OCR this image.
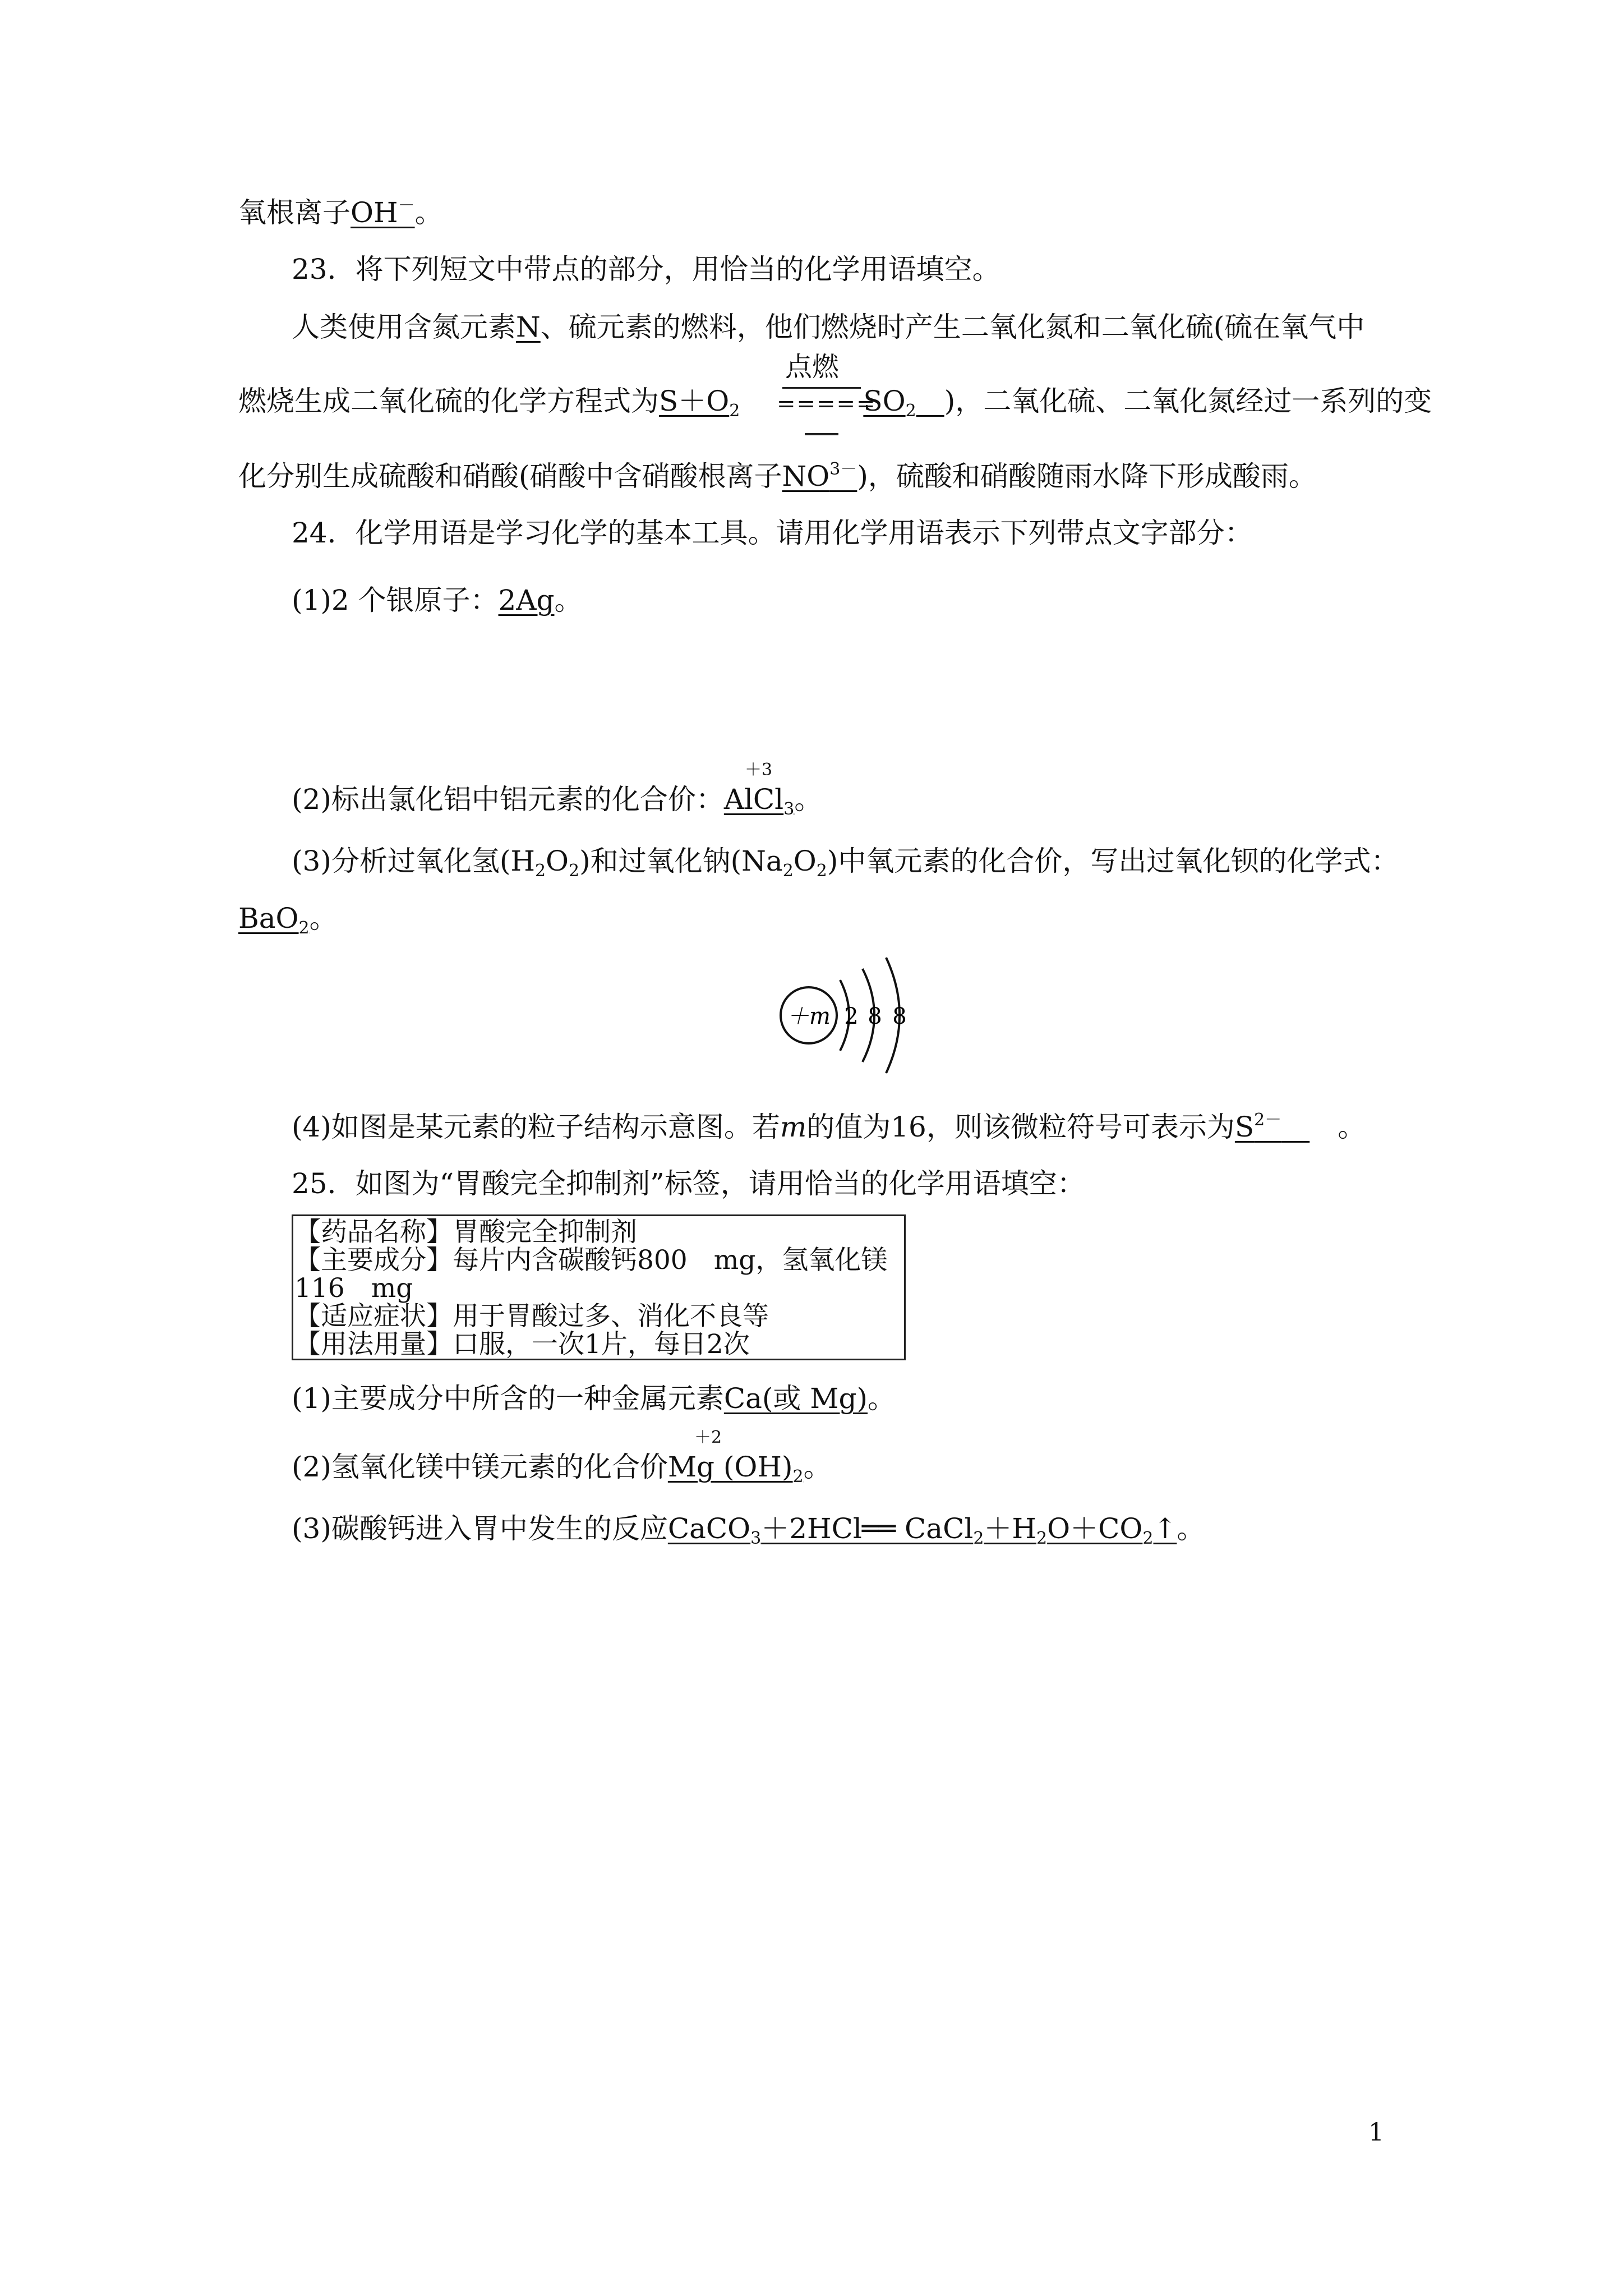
氧根离子OH－。
23．将下列短文中带点的部分，用恰当的化学用语填空。
人类使用含氮元素N、硫元素的燃料，他们燃烧时产生二氧化氮和二氧化硫(硫在氧气中
燃烧生成二氧化硫的化学方程式为$S+O_2$	$SO_2$　 )，二氧化硫、二氧化氮经过一系列的变
点燃
=====
化分别生成硫酸和硝酸(硝酸中含硝酸根离子$NO^{3-}$)，硫酸和硝酸随雨水降下形成酸雨。
24．化学用语是学习化学的基本工具。请用化学用语表示下列带点文字部分：
(1)2 个银原子：2Ag。
＋3
(2)标出氯化铝中铝元素的化合价：AlCl$_3$。
(3)分析过氧化氢$(H_2O_2)$和过氧化钠$(Na_2O_2)$中氧元素的化合价，写出过氧化钡的化学式：
BaO$_2$。
＋m 2 8 8
(4)如图是某元素的粒子结构示意图。若m的值为16，则该微粒符号可表示为$S^{2-}$　　 。
25．如图为“胃酸完全抑制剂”标签，请用恰当的化学用语填空：
【药品名称】胃酸完全抑制剂
【主要成分】每片内含碳酸钙800　mg，氢氧化镁
116　mg
【适应症状】用于胃酸过多、消化不良等
【用法用量】口服，一次1片，每日2次
(1)主要成分中所含的一种金属元素Ca(或 Mg)。
＋2
(2)氢氧化镁中镁元素的化合价Mg $(OH)_2$。
(3)碳酸钙进入胃中发生的反应CaCO$_3$＋2HCl══ $CaCl_2+H_2O+CO_2↑$。
1
